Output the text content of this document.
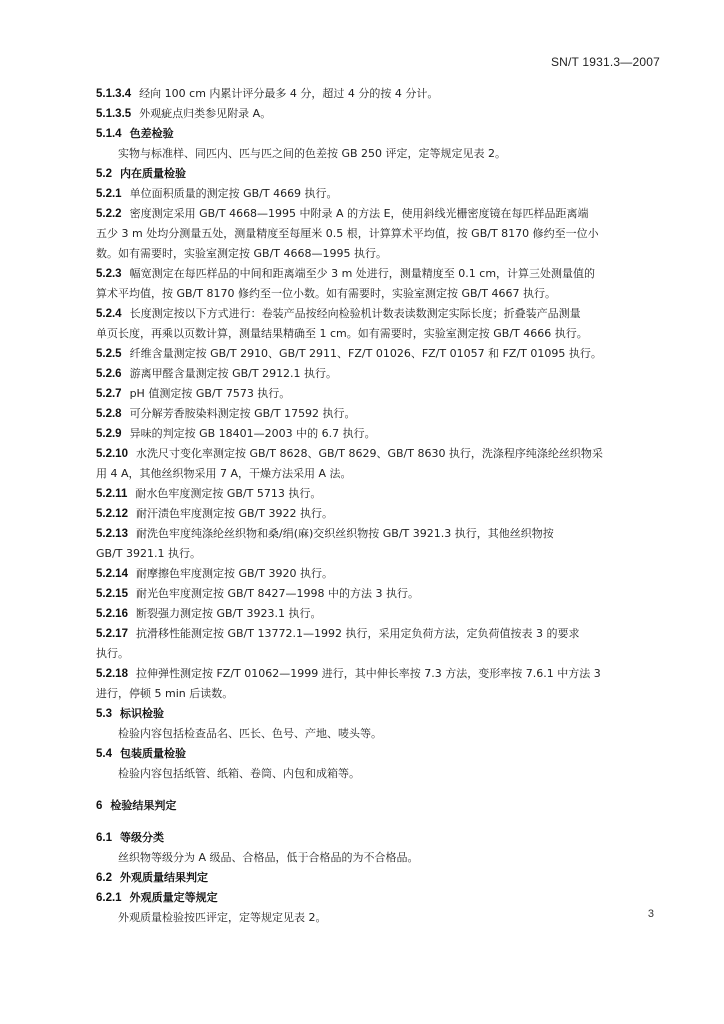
SN/T 1931.3—2007
5.1.3.4 经向 100 cm 内累计评分最多 4 分，超过 4 分的按 4 分计。
5.1.3.5 外观疵点归类参见附录 A。
5.1.4 色差检验
实物与标准样、同匹内、匹与匹之间的色差按 GB 250 评定，定等规定见表 2。
5.2 内在质量检验
5.2.1 单位面积质量的测定按 GB/T 4669 执行。
5.2.2 密度测定采用 GB/T 4668—1995 中附录 A 的方法 E，使用斜线光栅密度镜在每匹样品距离端
五少 3 m 处均分测量五处，测量精度至每厘米 0.5 根，计算算术平均值，按 GB/T 8170 修约至一位小
数。如有需要时，实验室测定按 GB/T 4668—1995 执行。
5.2.3 幅宽测定在每匹样品的中间和距离端至少 3 m 处进行，测量精度至 0.1 cm，计算三处测量值的
算术平均值，按 GB/T 8170 修约至一位小数。如有需要时，实验室测定按 GB/T 4667 执行。
5.2.4 长度测定按以下方式进行：卷装产品按经向检验机计数表读数测定实际长度；折叠装产品测量
单页长度，再乘以页数计算，测量结果精确至 1 cm。如有需要时，实验室测定按 GB/T 4666 执行。
5.2.5 纤维含量测定按 GB/T 2910、GB/T 2911、FZ/T 01026、FZ/T 01057 和 FZ/T 01095 执行。
5.2.6 游离甲醛含量测定按 GB/T 2912.1 执行。
5.2.7 pH 值测定按 GB/T 7573 执行。
5.2.8 可分解芳香胺染料测定按 GB/T 17592 执行。
5.2.9 异味的判定按 GB 18401—2003 中的 6.7 执行。
5.2.10 水洗尺寸变化率测定按 GB/T 8628、GB/T 8629、GB/T 8630 执行，洗涤程序纯涤纶丝织物采
用 4 A，其他丝织物采用 7 A，干燥方法采用 A 法。
5.2.11 耐水色牢度测定按 GB/T 5713 执行。
5.2.12 耐汗渍色牢度测定按 GB/T 3922 执行。
5.2.13 耐洗色牢度纯涤纶丝织物和桑/绢(麻)交织丝织物按 GB/T 3921.3 执行，其他丝织物按
GB/T 3921.1 执行。
5.2.14 耐摩擦色牢度测定按 GB/T 3920 执行。
5.2.15 耐光色牢度测定按 GB/T 8427—1998 中的方法 3 执行。
5.2.16 断裂强力测定按 GB/T 3923.1 执行。
5.2.17 抗滑移性能测定按 GB/T 13772.1—1992 执行，采用定负荷方法，定负荷值按表 3 的要求
执行。
5.2.18 拉伸弹性测定按 FZ/T 01062—1999 进行，其中伸长率按 7.3 方法，变形率按 7.6.1 中方法 3
进行，停顿 5 min 后读数。
5.3 标识检验
检验内容包括检查品名、匹长、色号、产地、唛头等。
5.4 包装质量检验
检验内容包括纸管、纸箱、卷筒、内包和成箱等。
6 检验结果判定
6.1 等级分类
丝织物等级分为 A 级品、合格品，低于合格品的为不合格品。
6.2 外观质量结果判定
6.2.1 外观质量定等规定
外观质量检验按匹评定，定等规定见表 2。	3
